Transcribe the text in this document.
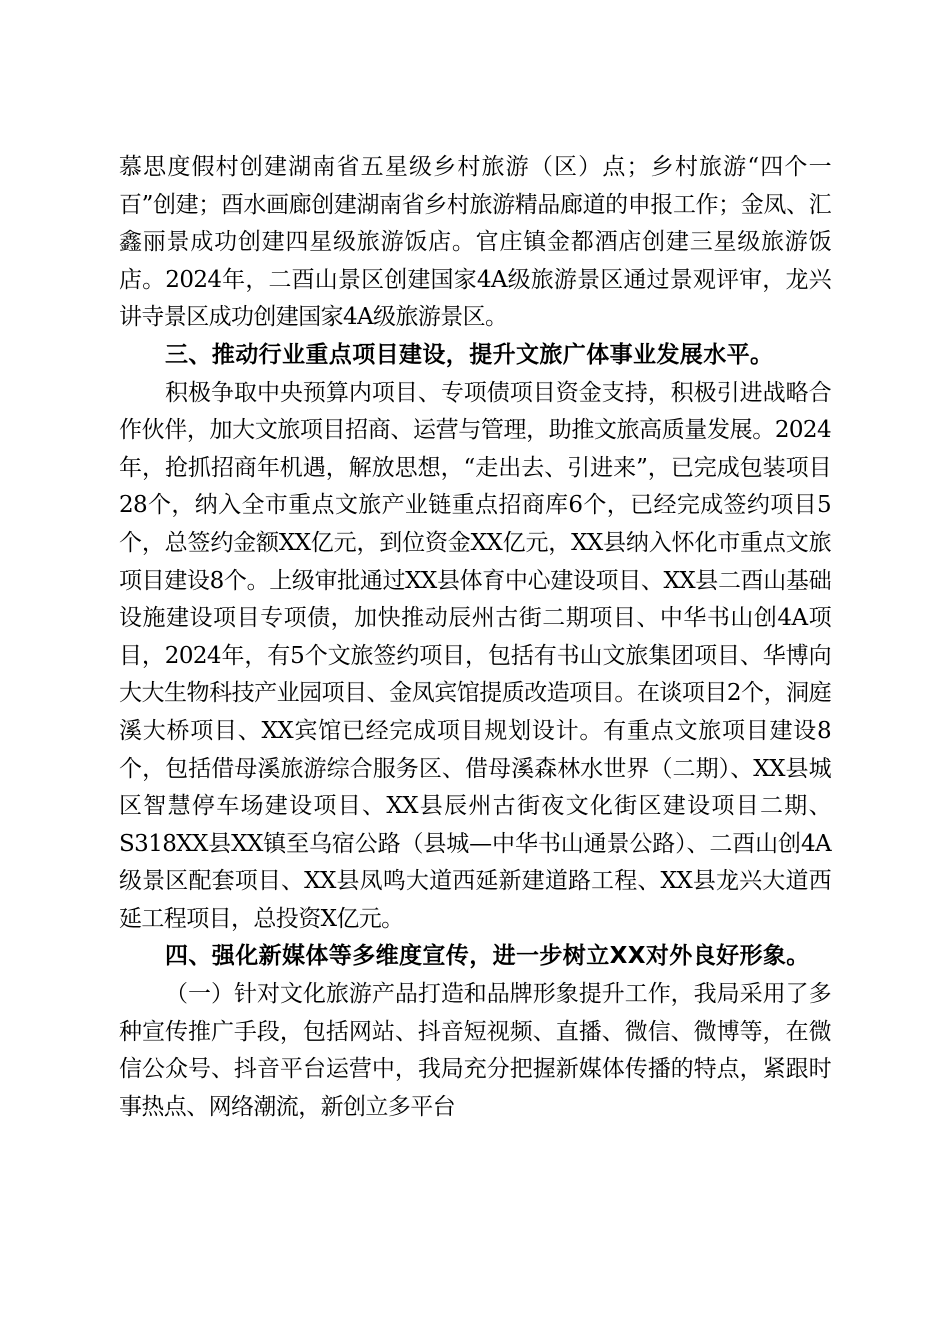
慕思度假村创建湖南省五星级乡村旅游（区）点；乡村旅游“四个一百”创建；酉水画廊创建湖南省乡村旅游精品廊道的申报工作；金凤、汇鑫丽景成功创建四星级旅游饭店。官庄镇金都酒店创建三星级旅游饭店。2024年，二酉山景区创建国家4A级旅游景区通过景观评审，龙兴讲寺景区成功创建国家4A级旅游景区。

三、推动行业重点项目建设，提升文旅广体事业发展水平。

积极争取中央预算内项目、专项债项目资金支持，积极引进战略合作伙伴，加大文旅项目招商、运营与管理，助推文旅高质量发展。2024年，抢抓招商年机遇，解放思想，“走出去、引进来”，已完成包装项目28个，纳入全市重点文旅产业链重点招商库6个，已经完成签约项目5个，总签约金额XX亿元，到位资金XX亿元，XX县纳入怀化市重点文旅项目建设8个。上级审批通过XX县体育中心建设项目、XX县二酉山基础设施建设项目专项债，加快推动辰州古街二期项目、中华书山创4A项目，2024年，有5个文旅签约项目，包括有书山文旅集团项目、华博向大大生物科技产业园项目、金凤宾馆提质改造项目。在谈项目2个，洞庭溪大桥项目、XX宾馆已经完成项目规划设计。有重点文旅项目建设8个，包括借母溪旅游综合服务区、借母溪森林水世界（二期）、XX县城区智慧停车场建设项目、XX县辰州古街夜文化街区建设项目二期、S318XX县XX镇至乌宿公路（县城—中华书山通景公路）、二酉山创4A级景区配套项目、XX县凤鸣大道西延新建道路工程、XX县龙兴大道西延工程项目，总投资X亿元。

四、强化新媒体等多维度宣传，进一步树立XX对外良好形象。

（一）针对文化旅游产品打造和品牌形象提升工作，我局采用了多种宣传推广手段，包括网站、抖音短视频、直播、微信、微博等，在微信公众号、抖音平台运营中，我局充分把握新媒体传播的特点，紧跟时事热点、网络潮流，新创立多平台
